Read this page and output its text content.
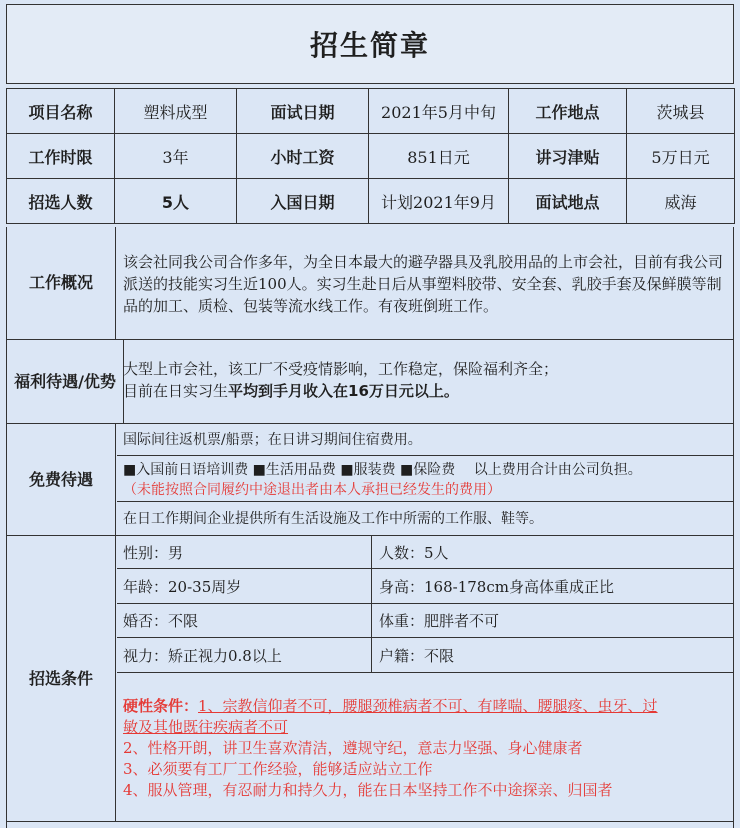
招生简章
项目名称	塑料成型	面试日期	2021年5月中旬	工作地点	茨城县
工作时限	3年	小时工资	851日元	讲习津贴	5万日元
招选人数	5人	入国日期	计划2021年9月	面试地点	威海
工作概况
该会社同我公司合作多年，为全日本最大的避孕器具及乳胶用品的上市会社，目前有我公司派送的技能实习生近100人。实习生赴日后从事塑料胶带、安全套、乳胶手套及保鲜膜等制品的加工、质检、包装等流水线工作。有夜班倒班工作。
福利待遇/优势
大型上市会社，该工厂不受疫情影响，工作稳定，保险福利齐全；
目前在日实习生平均到手月收入在16万日元以上。
免费待遇
国际间往返机票/船票；在日讲习期间住宿费用。
■入国前日语培训费 ■生活用品费 ■服装费 ■保险费　 以上费用合计由公司负担。
（未能按照合同履约中途退出者由本人承担已经发生的费用）
在日工作期间企业提供所有生活设施及工作中所需的工作服、鞋等。
招选条件
性别：男	人数：5人
年龄：20-35周岁	身高：168-178cm身高体重成正比
婚否：不限	体重：肥胖者不可
视力：矫正视力0.8以上	户籍：不限
硬性条件：1、宗教信仰者不可，腰腿颈椎病者不可、有哮喘、腰腿疼、虫牙、过
敏及其他既往疾病者不可
2、性格开朗，讲卫生喜欢清洁，遵规守纪，意志力坚强、身心健康者
3、必须要有工厂工作经验，能够适应站立工作
4、服从管理，有忍耐力和持久力，能在日本坚持工作不中途探亲、归国者
